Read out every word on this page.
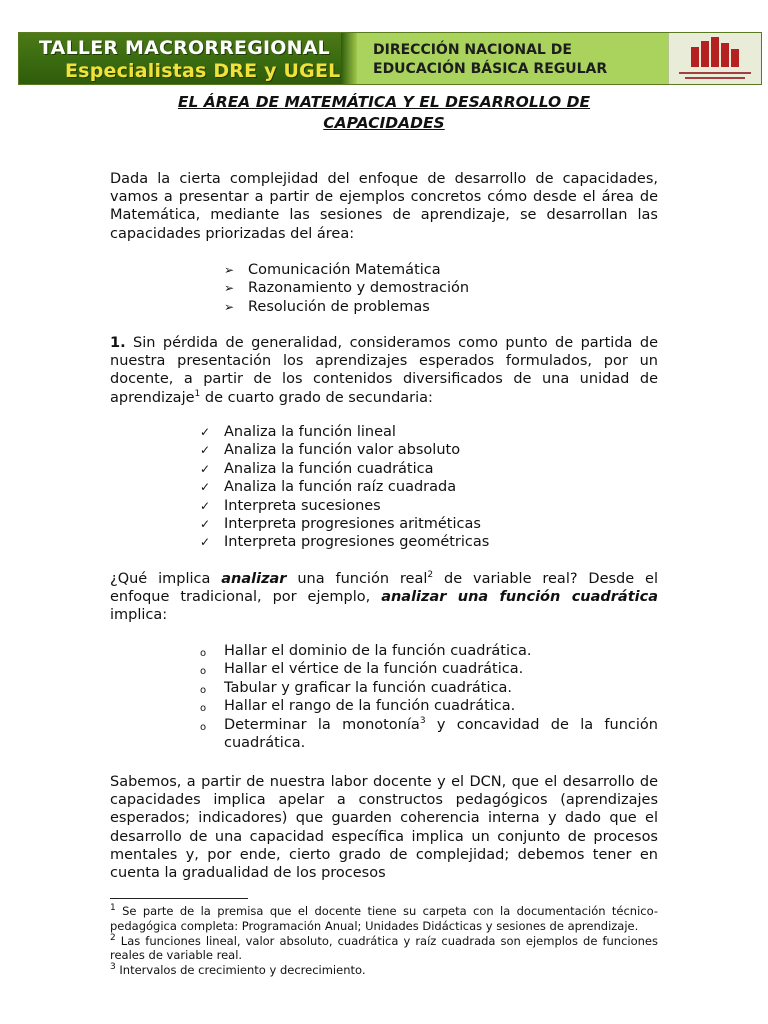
TALLER MACRORREGIONAL
Especialistas DRE y UGEL
DIRECCIÓN NACIONAL DE
EDUCACIÓN BÁSICA REGULAR
EL ÁREA DE MATEMÁTICA Y EL DESARROLLO DE
CAPACIDADES
Dada la cierta complejidad del enfoque de desarrollo de capacidades, vamos a presentar a partir de ejemplos concretos cómo desde el área de Matemática, mediante las sesiones de aprendizaje, se desarrollan las capacidades priorizadas del área:
➢ Comunicación Matemática
➢ Razonamiento y demostración
➢ Resolución de problemas
1. Sin pérdida de generalidad, consideramos como punto de partida de nuestra presentación los aprendizajes esperados formulados, por un docente, a partir de los contenidos diversificados de una unidad de aprendizaje$^1$ de cuarto grado de secundaria:
✓ Analiza la función lineal
✓ Analiza la función valor absoluto
✓ Analiza la función cuadrática
✓ Analiza la función raíz cuadrada
✓ Interpreta sucesiones
✓ Interpreta progresiones aritméticas
✓ Interpreta progresiones geométricas
¿Qué implica analizar una función real$^2$ de variable real? Desde el enfoque tradicional, por ejemplo, analizar una función cuadrática implica:
o Hallar el dominio de la función cuadrática.
o Hallar el vértice de la función cuadrática.
o Tabular y graficar la función cuadrática.
o Hallar el rango de la función cuadrática.
o Determinar la monotonía$^3$ y concavidad de la función cuadrática.
Sabemos, a partir de nuestra labor docente y el DCN, que el desarrollo de capacidades implica apelar a constructos pedagógicos (aprendizajes esperados; indicadores) que guarden coherencia interna y dado que el desarrollo de una capacidad específica implica un conjunto de procesos mentales y, por ende, cierto grado de complejidad; debemos tener en cuenta la gradualidad de los procesos
$^1$ Se parte de la premisa que el docente tiene su carpeta con la documentación técnico-pedagógica completa: Programación Anual; Unidades Didácticas y sesiones de aprendizaje.
$^2$ Las funciones lineal, valor absoluto, cuadrática y raíz cuadrada son ejemplos de funciones reales de variable real.
$^3$ Intervalos de crecimiento y decrecimiento.
